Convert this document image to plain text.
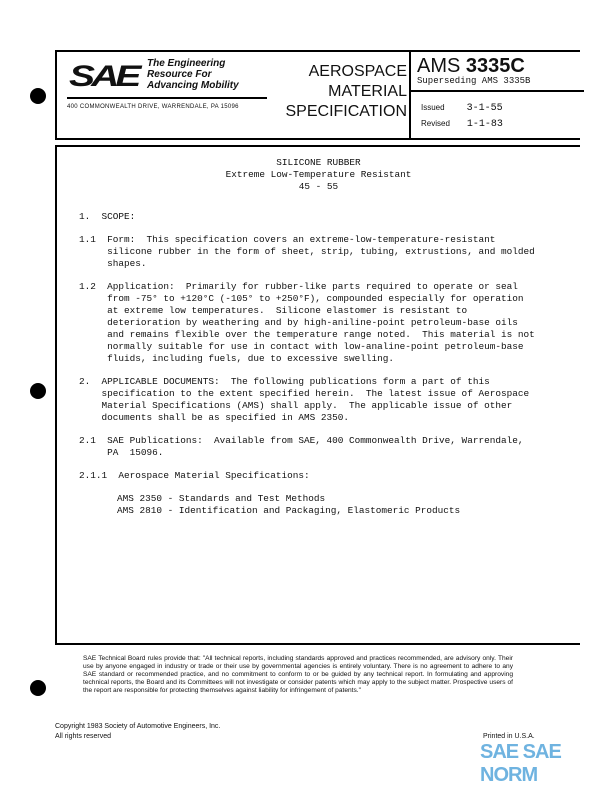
SAE The Engineering
Resource For
Advancing Mobility
400 COMMONWEALTH DRIVE, WARRENDALE, PA 15096
AEROSPACE
MATERIAL
SPECIFICATION
AMS 3335C
Superseding AMS 3335B
Issued 3-1-55
Revised 1-1-83
SILICONE RUBBER
Extreme Low-Temperature Resistant
45 - 55

1.  SCOPE:

1.1  Form:  This specification covers an extreme-low-temperature-resistant
silicone rubber in the form of sheet, strip, tubing, extrustions, and molded
shapes.

1.2  Application:  Primarily for rubber-like parts required to operate or seal
from -75° to +120°C (-105° to +250°F), compounded especially for operation
at extreme low temperatures.  Silicone elastomer is resistant to
deterioration by weathering and by high-aniline-point petroleum-base oils
and remains flexible over the temperature range noted.  This material is not
normally suitable for use in contact with low-analine-point petroleum-base
fluids, including fuels, due to excessive swelling.

2.  APPLICABLE DOCUMENTS:  The following publications form a part of this
specification to the extent specified herein.  The latest issue of Aerospace
Material Specifications (AMS) shall apply.  The applicable issue of other
documents shall be as specified in AMS 2350.

2.1  SAE Publications:  Available from SAE, 400 Commonwealth Drive, Warrendale,
PA  15096.

2.1.1  Aerospace Material Specifications:

AMS 2350 - Standards and Test Methods
AMS 2810 - Identification and Packaging, Elastomeric Products
SAE Technical Board rules provide that: "All technical reports, including standards approved and practices recommended, are advisory only. Their use by anyone engaged in industry or trade or their use by governmental agencies is entirely voluntary. There is no agreement to adhere to any SAE standard or recommended practice, and no commitment to conform to or be guided by any technical report. In formulating and approving technical reports, the Board and its Committees will not investigate or consider patents which may apply to the subject matter. Prospective users of the report are responsible for protecting themselves against liability for infringement of patents."
Copyright 1983 Society of Automotive Engineers, Inc.
All rights reserved	Printed in U.S.A.
SAE SAE NORM
